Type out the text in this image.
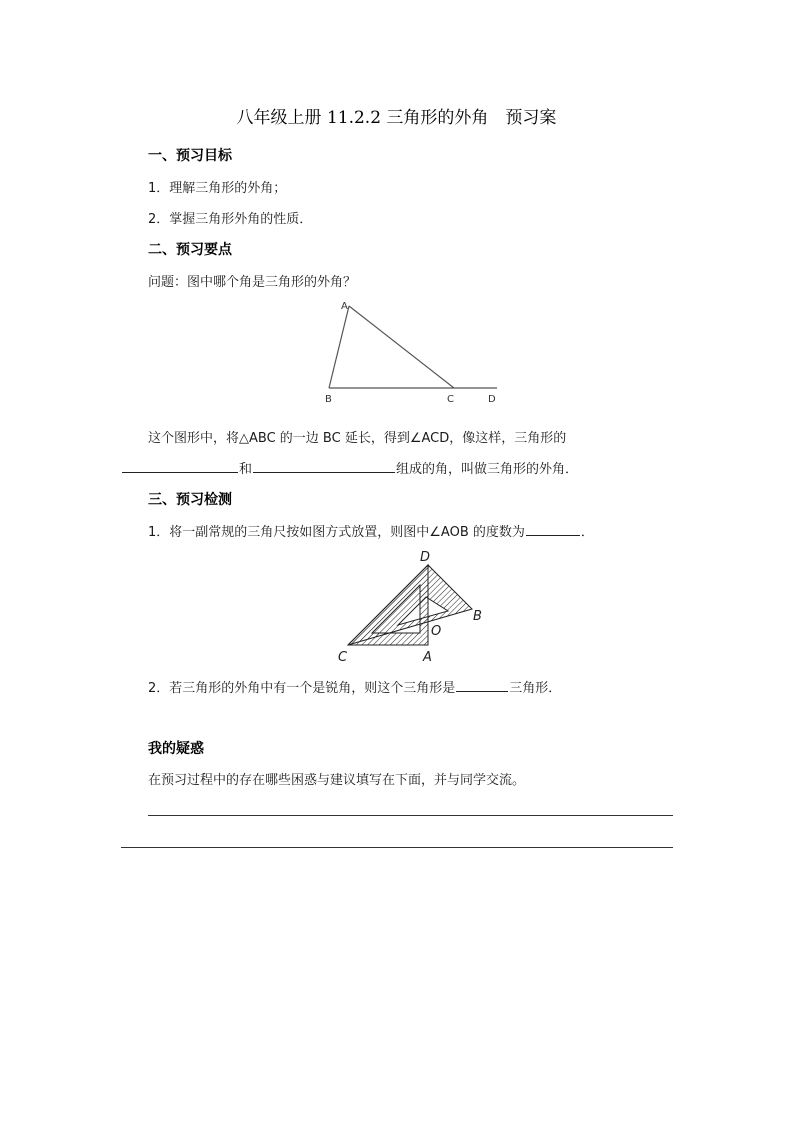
八年级上册 11.2.2 三角形的外角　预习案
一、预习目标
1．理解三角形的外角；
2．掌握三角形外角的性质．
二、预习要点
问题：图中哪个角是三角形的外角？
A
B	C	D
这个图形中，将△ABC 的一边 BC 延长，得到∠ACD，像这样，三角形的
和	组成的角，叫做三角形的外角．
三、预习检测
1．将一副常规的三角尺按如图方式放置，则图中∠AOB 的度数为	．
D
B
O
C	A
2．若三角形的外角中有一个是锐角，则这个三角形是	三角形．
我的疑惑
在预习过程中的存在哪些困惑与建议填写在下面，并与同学交流。
